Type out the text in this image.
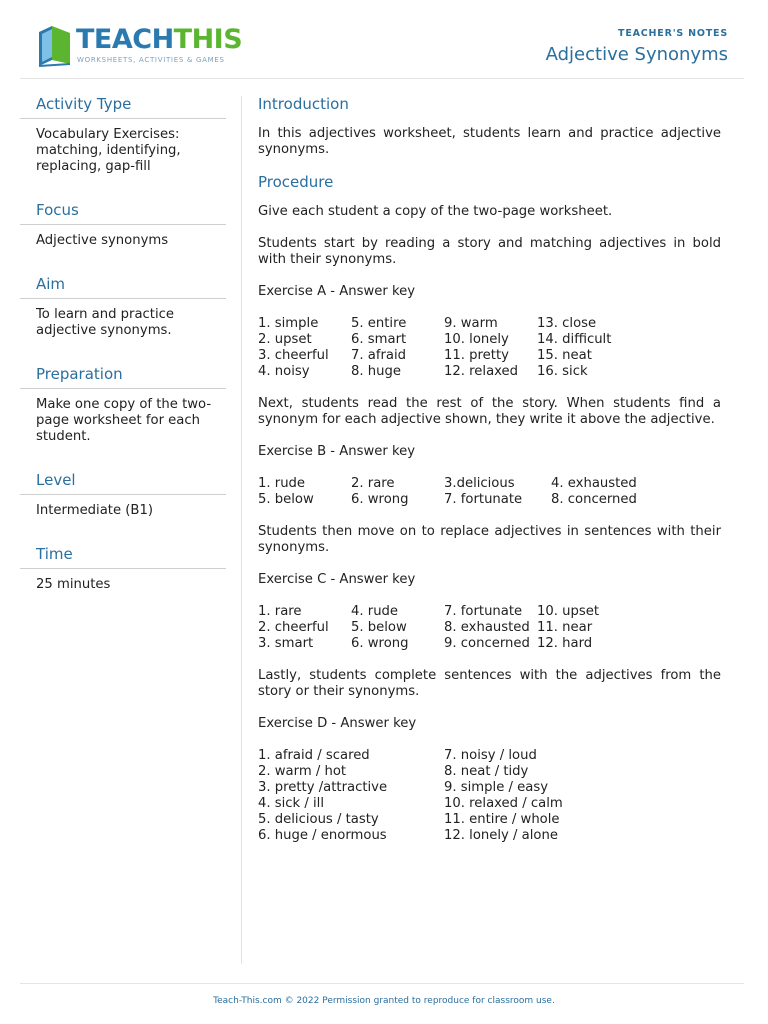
TEACHTHIS
WORKSHEETS, ACTIVITIES & GAMES
TEACHER'S NOTES
Adjective Synonyms
Activity Type
Vocabulary Exercises: matching, identifying, replacing, gap-fill
Focus
Adjective synonyms
Aim
To learn and practice adjective synonyms.
Preparation
Make one copy of the two-page worksheet for each student.
Level
Intermediate (B1)
Time
25 minutes
Introduction

In this adjectives worksheet, students learn and practice adjective synonyms.

Procedure

Give each student a copy of the two-page worksheet.

Students start by reading a story and matching adjectives in bold with their synonyms.

Exercise A - Answer key

1. simple	5. entire	9. warm	13. close
2. upset	6. smart	10. lonely	14. difficult
3. cheerful	7. afraid	11. pretty	15. neat
4. noisy	8. huge	12. relaxed	16. sick

Next, students read the rest of the story. When students find a synonym for each adjective shown, they write it above the adjective.

Exercise B - Answer key

1. rude	2. rare	3.delicious	4. exhausted
5. below	6. wrong	7. fortunate	8. concerned

Students then move on to replace adjectives in sentences with their synonyms.

Exercise C - Answer key

1. rare	4. rude	7. fortunate	10. upset
2. cheerful	5. below	8. exhausted 11. near
3. smart	6. wrong	9. concerned 12. hard

Lastly, students complete sentences with the adjectives from the story or their synonyms.

Exercise D - Answer key

1. afraid / scared	7. noisy / loud
2. warm / hot	8. neat / tidy
3. pretty /attractive	9. simple / easy
4. sick / ill	10. relaxed / calm
5. delicious / tasty	11. entire / whole
6. huge / enormous	12. lonely / alone
Teach-This.com © 2022 Permission granted to reproduce for classroom use.
